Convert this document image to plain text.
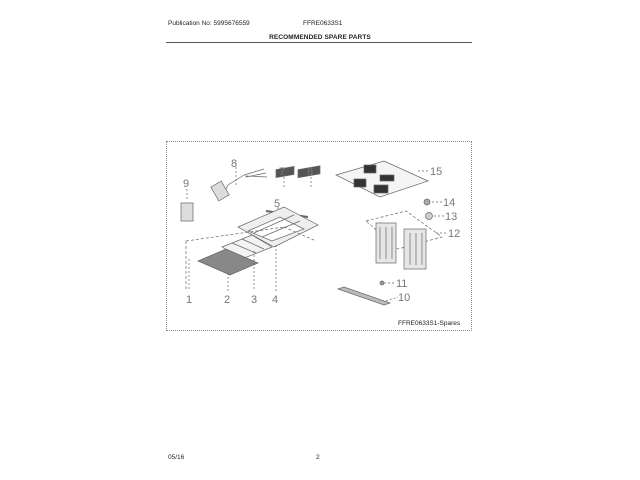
Publication No: 5995676559	FFRE0633S1
RECOMMENDED SPARE PARTS
1	2 3 4
5
6
7
8
9
10
11
12
13
14
15
FFRE0633S1-Spares
05/16	2
